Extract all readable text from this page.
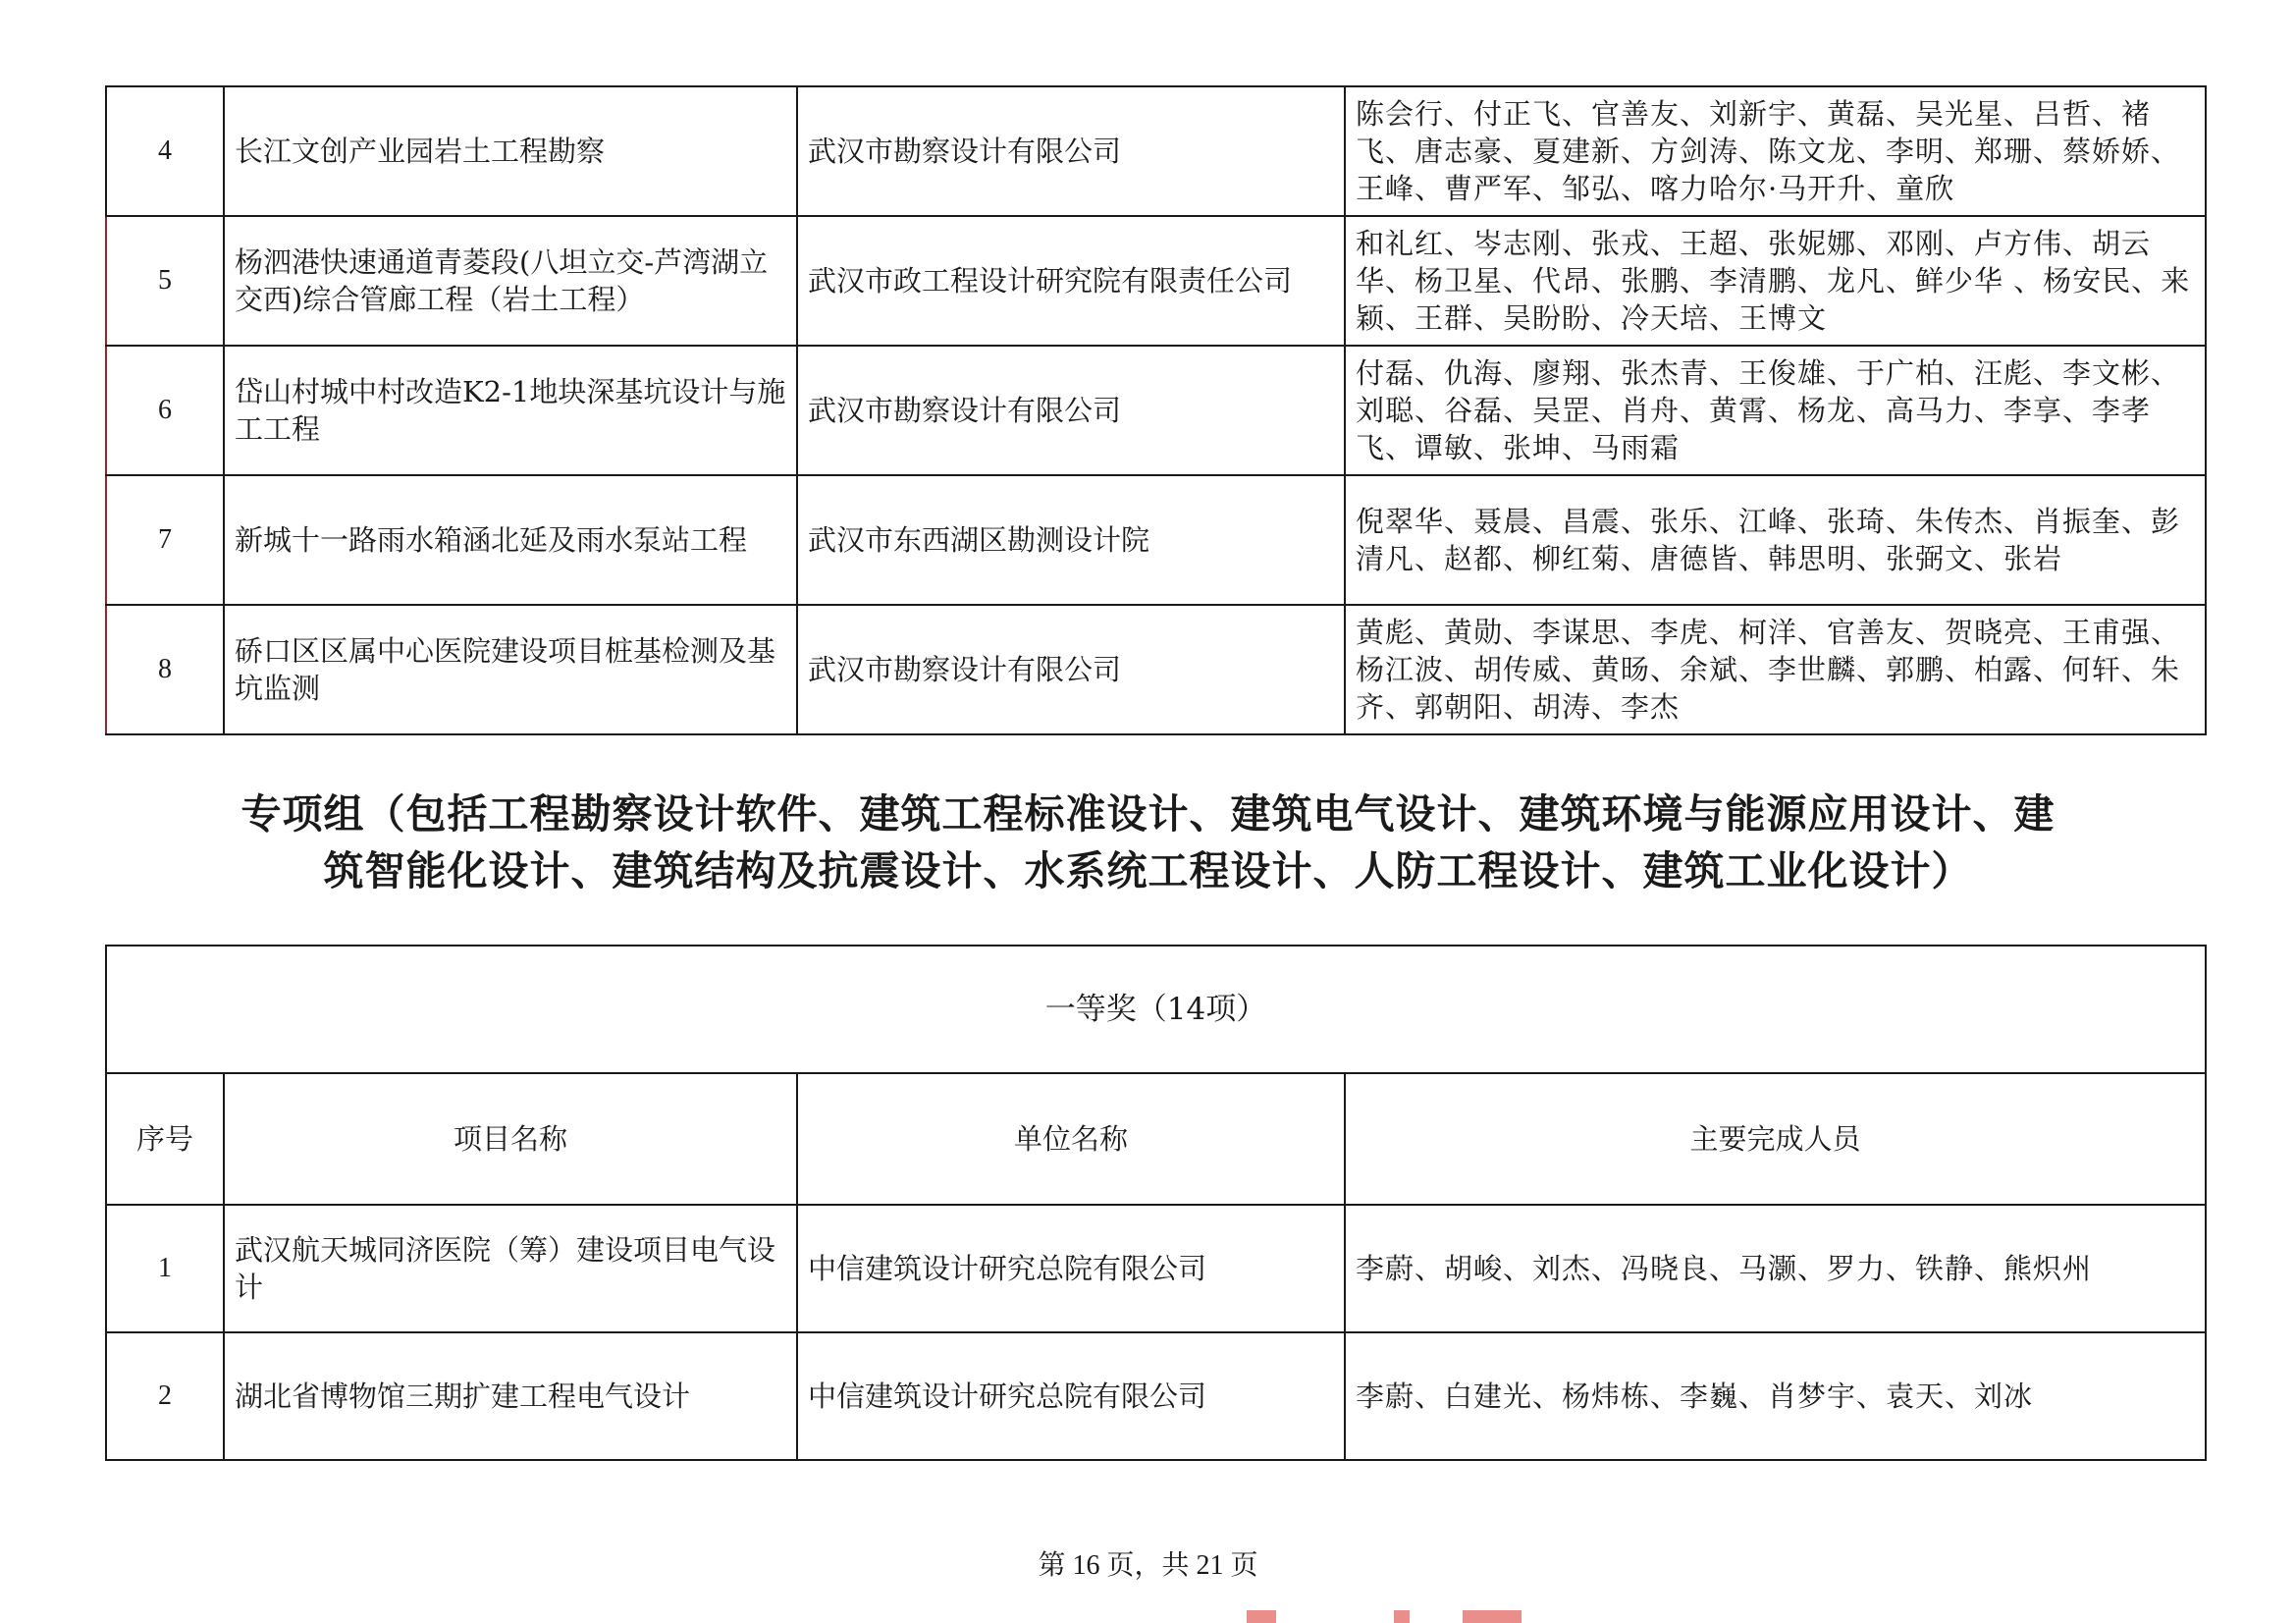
4	长江文创产业园岩土工程勘察	武汉市勘察设计有限公司	陈会行、付正飞、官善友、刘新宇、黄磊、吴光星、吕哲、褚飞、唐志豪、夏建新、方剑涛、陈文龙、李明、郑珊、蔡娇娇、王峰、曹严军、邹弘、喀力哈尔·马开升、童欣
5	杨泗港快速通道青菱段(八坦立交-芦湾湖立交西)综合管廊工程（岩土工程）	武汉市政工程设计研究院有限责任公司	和礼红、岑志刚、张戎、王超、张妮娜、邓刚、卢方伟、胡云华、杨卫星、代昂、张鹏、李清鹏、龙凡、鲜少华 、杨安民、来颖、王群、吴盼盼、冷天培、王博文
6	岱山村城中村改造K2-1地块深基坑设计与施工工程	武汉市勘察设计有限公司	付磊、仇海、廖翔、张杰青、王俊雄、于广柏、汪彪、李文彬、刘聪、谷磊、吴罡、肖舟、黄霄、杨龙、高马力、李享、李孝飞、谭敏、张坤、马雨霜
7	新城十一路雨水箱涵北延及雨水泵站工程	武汉市东西湖区勘测设计院	倪翠华、聂晨、昌震、张乐、江峰、张琦、朱传杰、肖振奎、彭清凡、赵都、柳红菊、唐德皆、韩思明、张弼文、张岩
8	硚口区区属中心医院建设项目桩基检测及基坑监测	武汉市勘察设计有限公司	黄彪、黄勋、李谋思、李虎、柯洋、官善友、贺晓亮、王甫强、杨江波、胡传威、黄旸、余斌、李世麟、郭鹏、柏露、何轩、朱齐、郭朝阳、胡涛、李杰
专项组（包括工程勘察设计软件、建筑工程标准设计、建筑电气设计、建筑环境与能源应用设计、建
筑智能化设计、建筑结构及抗震设计、水系统工程设计、人防工程设计、建筑工业化设计）
一等奖（14项）			
序号	项目名称	单位名称	主要完成人员
1	武汉航天城同济医院（筹）建设项目电气设计	中信建筑设计研究总院有限公司	李蔚、胡峻、刘杰、冯晓良、马灏、罗力、铁静、熊炽州
2	湖北省博物馆三期扩建工程电气设计	中信建筑设计研究总院有限公司	李蔚、白建光、杨炜栋、李巍、肖梦宇、袁天、刘冰
第 16 页，共 21 页
